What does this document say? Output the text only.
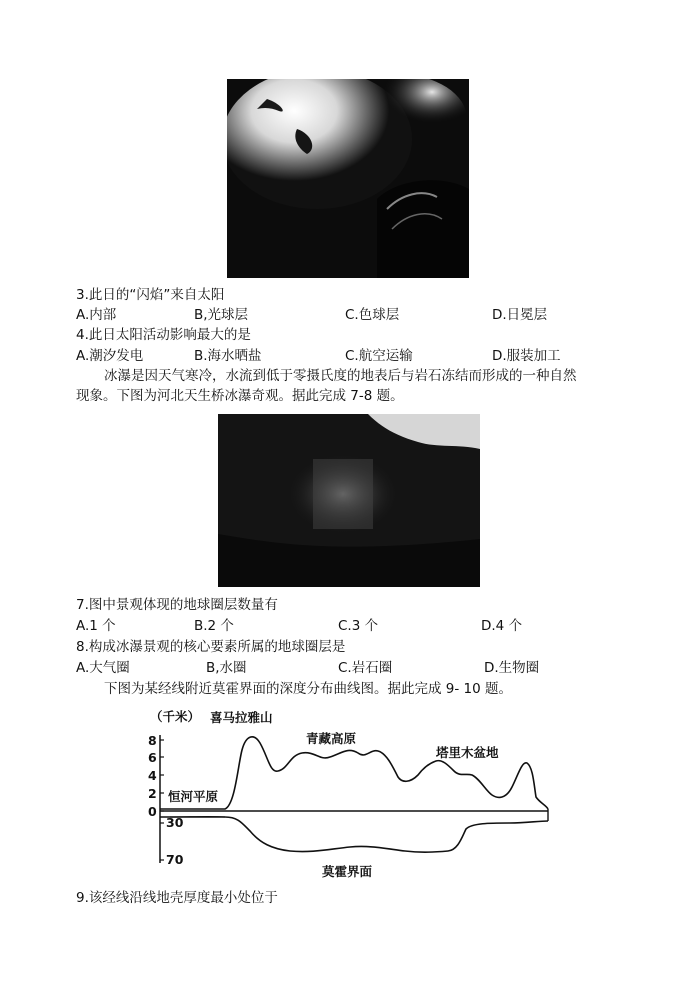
3.此日的“闪焰”来自太阳
A.内部	B,光球层	C.色球层	D.日冕层
4.此日太阳活动影响最大的是
A.潮汐发电	B.海水晒盐	C.航空运输	D.服装加工
冰瀑是因天气寒冷，水流到低于零摄氏度的地表后与岩石冻结而形成的一种自然
现象。下图为河北天生桥冰瀑奇观。据此完成 7-8 题。
7.图中景观体现的地球圈层数量有
A.1 个	B.2 个	C.3 个	D.4 个
8.构成冰瀑景观的核心要素所属的地球圈层是
A.大气圈	B,水圈	C.岩石圈	D.生物圈
下图为某经线附近莫霍界面的深度分布曲线图。据此完成 9- 10 题。
（千米） 喜马拉雅山
青藏高原
塔里木盆地
恒河平原
莫霍界面
8
6
4
2
0
30
70
9.该经线沿线地壳厚度最小处位于
